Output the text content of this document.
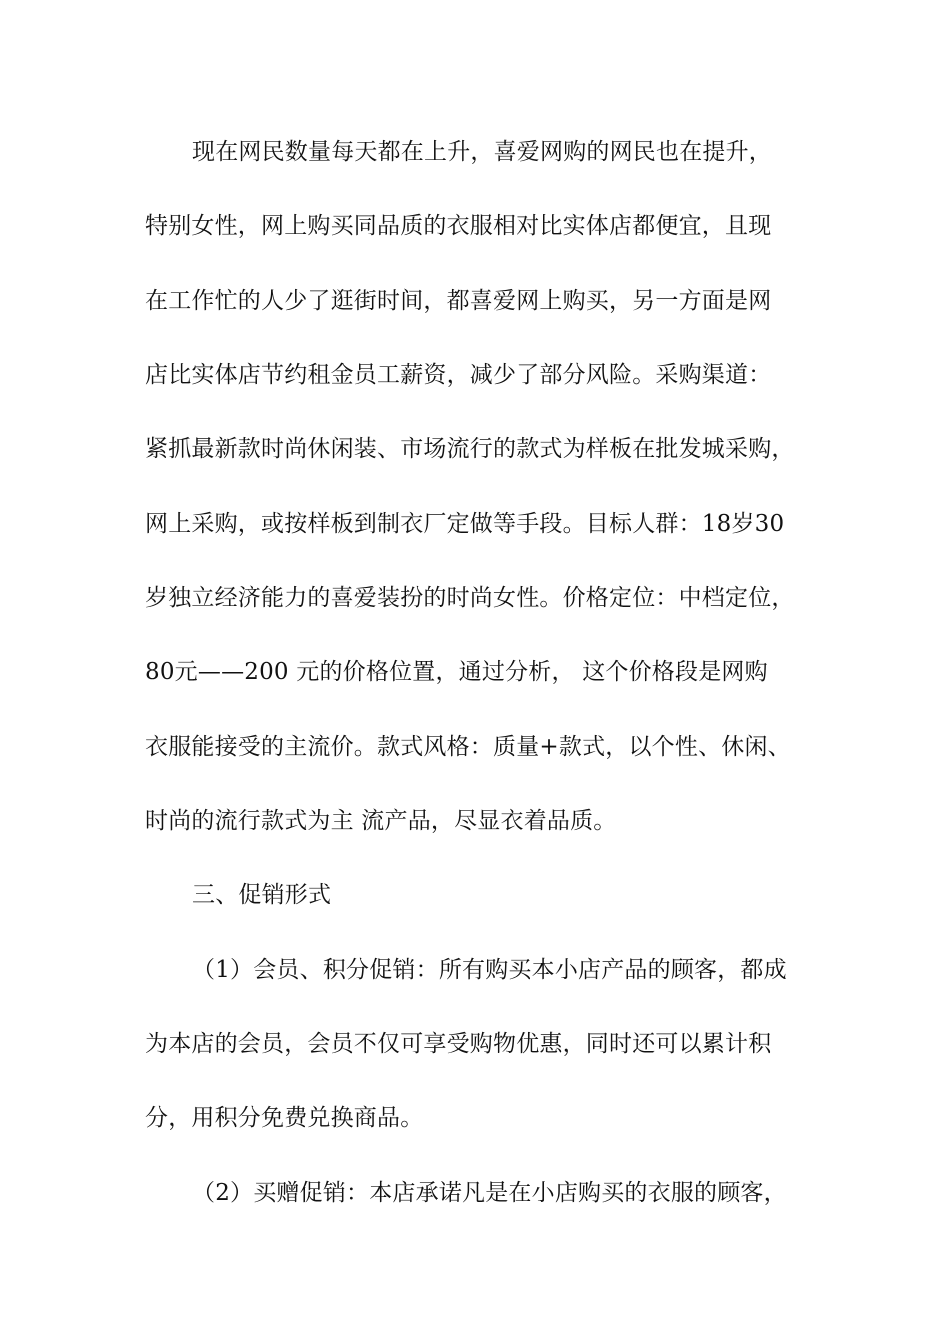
现在网民数量每天都在上升，喜爱网购的网民也在提升，
特别女性，网上购买同品质的衣服相对比实体店都便宜，且现
在工作忙的人少了逛街时间，都喜爱网上购买，另一方面是网
店比实体店节约租金员工薪资，减少了部分风险。采购渠道：
紧抓最新款时尚休闲装、市场流行的款式为样板在批发城采购，
网上采购，或按样板到制衣厂定做等手段。目标人群：18岁30
岁独立经济能力的喜爱装扮的时尚女性。价格定位：中档定位，
80元——200 元的价格位置，通过分析， 这个价格段是网购
衣服能接受的主流价。款式风格：质量+款式，以个性、休闲、
时尚的流行款式为主 流产品，尽显衣着品质。
三、促销形式
（1）会员、积分促销：所有购买本小店产品的顾客，都成
为本店的会员，会员不仅可享受购物优惠，同时还可以累计积
分，用积分免费兑换商品。
（2）买赠促销：本店承诺凡是在小店购买的衣服的顾客，
